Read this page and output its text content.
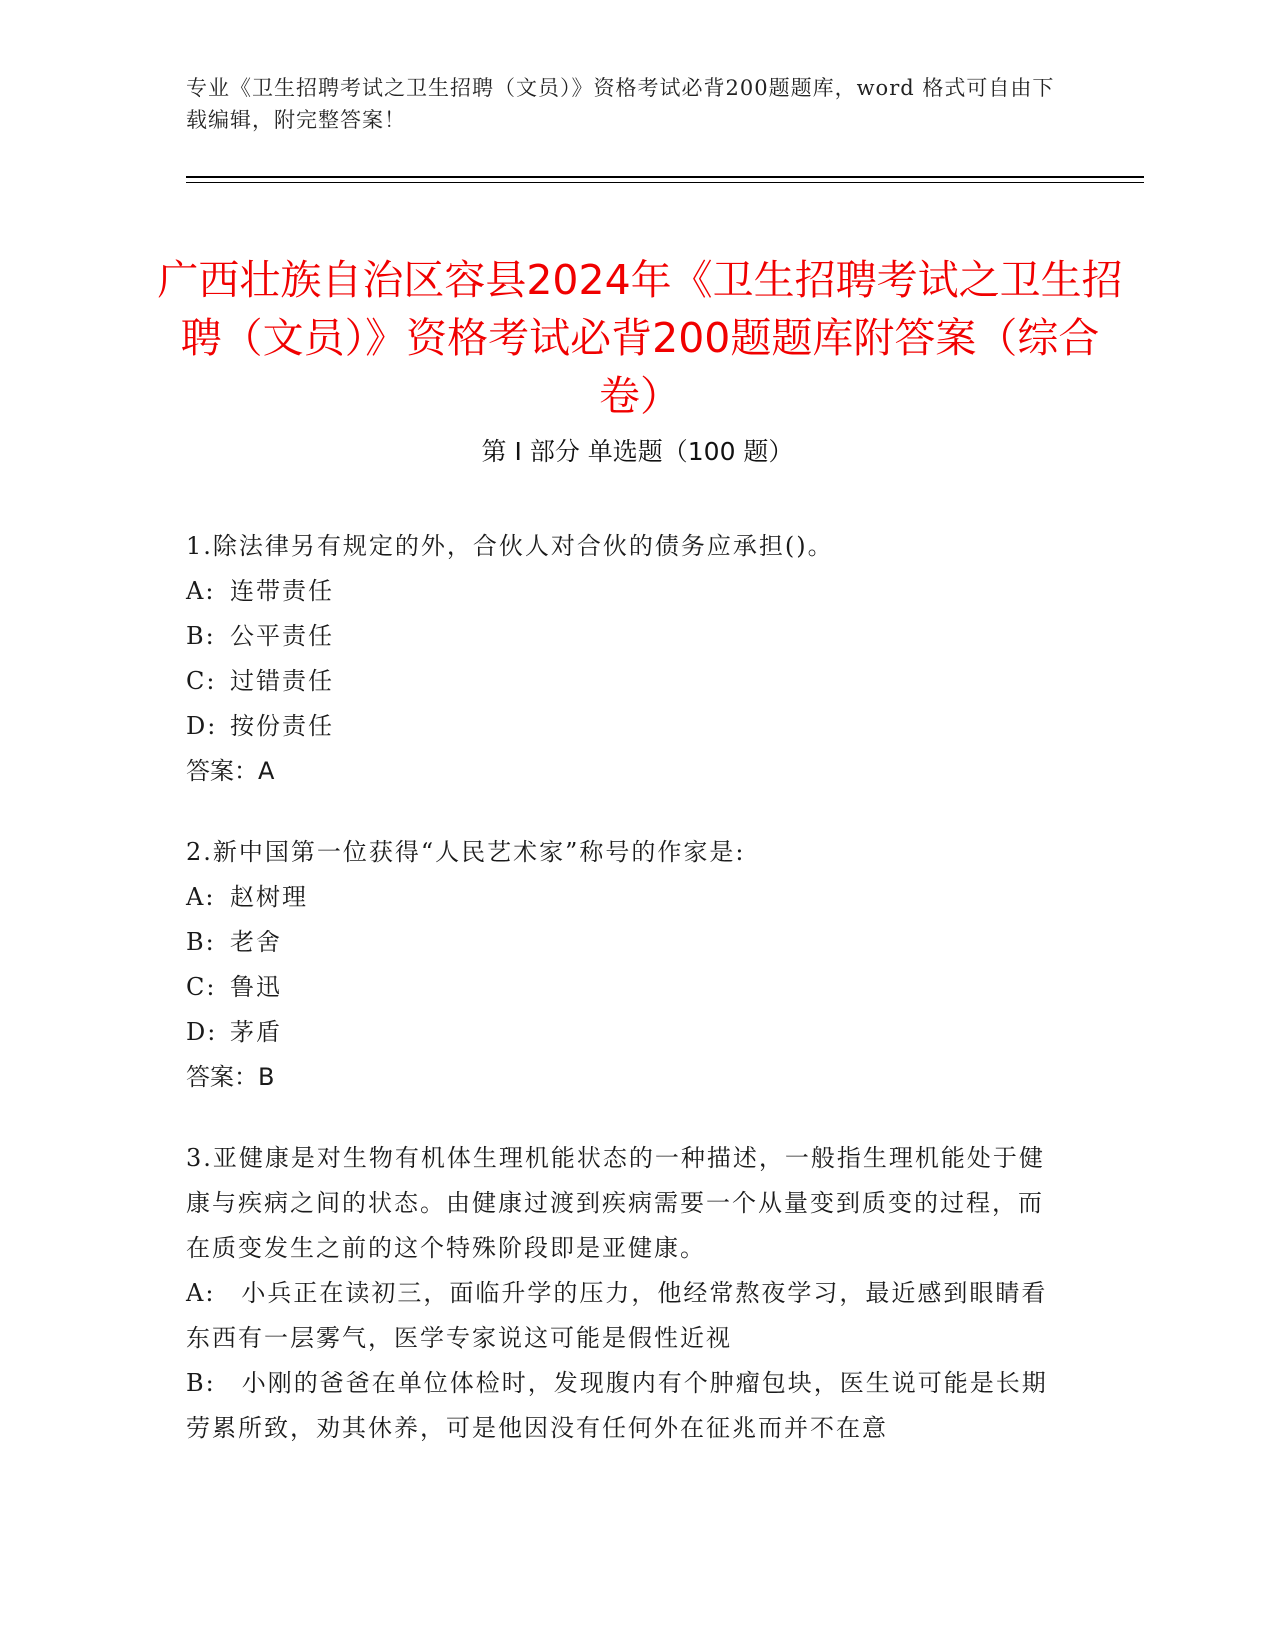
专业《卫生招聘考试之卫生招聘（文员）》资格考试必背200题题库，word 格式可自由下载编辑，附完整答案！
广西壮族自治区容县2024年《卫生招聘考试之卫生招聘（文员）》资格考试必背200题题库附答案（综合卷）
第 I 部分 单选题（100 题）

1.除法律另有规定的外，合伙人对合伙的债务应承担()。

A: 连带责任

B: 公平责任

C: 过错责任

D: 按份责任

答案：A

2.新中国第一位获得“人民艺术家”称号的作家是:

A: 赵树理

B: 老舍

C: 鲁迅

D: 茅盾

答案：B

3.亚健康是对生物有机体生理机能状态的一种描述，一般指生理机能处于健康与疾病之间的状态。由健康过渡到疾病需要一个从量变到质变的过程，而在质变发生之前的这个特殊阶段即是亚健康。

A:  小兵正在读初三，面临升学的压力，他经常熬夜学习，最近感到眼睛看东西有一层雾气，医学专家说这可能是假性近视

B:  小刚的爸爸在单位体检时，发现腹内有个肿瘤包块，医生说可能是长期劳累所致，劝其休养，可是他因没有任何外在征兆而并不在意
